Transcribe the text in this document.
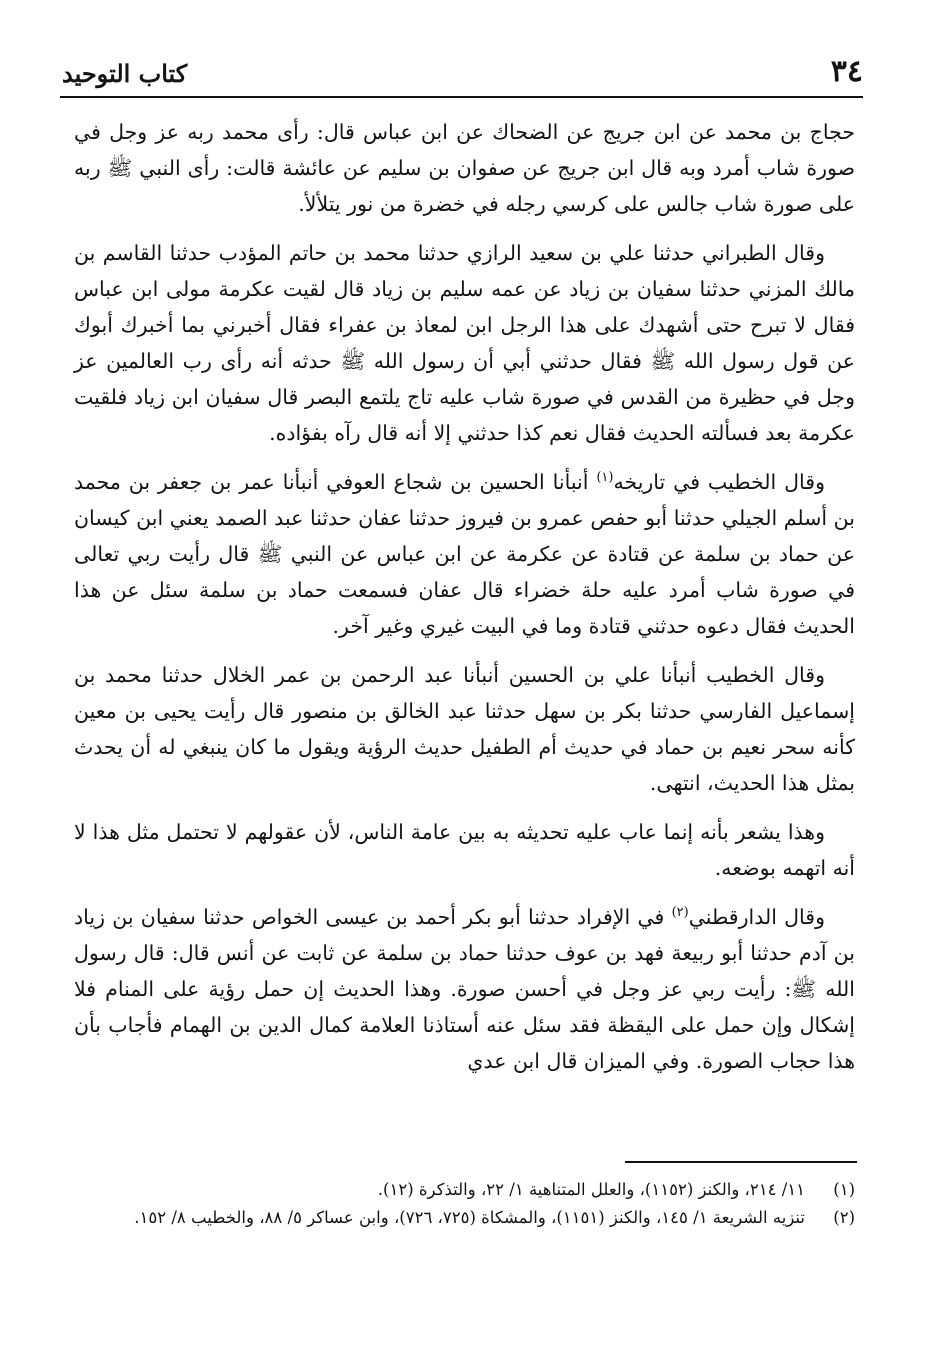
٣٤
كتاب التوحيد

حجاج بن محمد عن ابن جريج عن الضحاك عن ابن عباس قال: رأى محمد ربه عز وجل في صورة شاب أمرد وبه قال ابن جريج عن صفوان بن سليم عن عائشة قالت: رأى النبي ﷺ ربه على صورة شاب جالس على كرسي رجله في خضرة من نور يتلألأ.

وقال الطبراني حدثنا علي بن سعيد الرازي حدثنا محمد بن حاتم المؤدب حدثنا القاسم بن مالك المزني حدثنا سفيان بن زياد عن عمه سليم بن زياد قال لقيت عكرمة مولى ابن عباس فقال لا تبرح حتى أشهدك على هذا الرجل ابن لمعاذ بن عفراء فقال أخبرني بما أخبرك أبوك عن قول رسول الله ﷺ فقال حدثني أبي أن رسول الله ﷺ حدثه أنه رأى رب العالمين عز وجل في حظيرة من القدس في صورة شاب عليه تاج يلتمع البصر قال سفيان ابن زياد فلقيت عكرمة بعد فسألته الحديث فقال نعم كذا حدثني إلا أنه قال رآه بفؤاده.

وقال الخطيب في تاريخه$^{(١)}$ أنبأنا الحسين بن شجاع العوفي أنبأنا عمر بن جعفر بن محمد بن أسلم الجيلي حدثنا أبو حفص عمرو بن فيروز حدثنا عفان حدثنا عبد الصمد يعني ابن كيسان عن حماد بن سلمة عن قتادة عن عكرمة عن ابن عباس عن النبي ﷺ قال رأيت ربي تعالى في صورة شاب أمرد عليه حلة خضراء قال عفان فسمعت حماد بن سلمة سئل عن هذا الحديث فقال دعوه حدثني قتادة وما في البيت غيري وغير آخر.

وقال الخطيب أنبأنا علي بن الحسين أنبأنا عبد الرحمن بن عمر الخلال حدثنا محمد بن إسماعيل الفارسي حدثنا بكر بن سهل حدثنا عبد الخالق بن منصور قال رأيت يحيى بن معين كأنه سحر نعيم بن حماد في حديث أم الطفيل حديث الرؤية ويقول ما كان ينبغي له أن يحدث بمثل هذا الحديث، انتهى.

وهذا يشعر بأنه إنما عاب عليه تحديثه به بين عامة الناس، لأن عقولهم لا تحتمل مثل هذا لا أنه اتهمه بوضعه.

وقال الدارقطني$^{(٢)}$ في الإفراد حدثنا أبو بكر أحمد بن عيسى الخواص حدثنا سفيان بن زياد بن آدم حدثنا أبو ربيعة فهد بن عوف حدثنا حماد بن سلمة عن ثابت عن أنس قال: قال رسول الله ﷺ: رأيت ربي عز وجل في أحسن صورة. وهذا الحديث إن حمل رؤية على المنام فلا إشكال وإن حمل على اليقظة فقد سئل عنه أستاذنا العلامة كمال الدين بن الهمام فأجاب بأن هذا حجاب الصورة. وفي الميزان قال ابن عدي

(١)
١١/ ٢١٤، والكنز (١١٥٢)، والعلل المتناهية ١/ ٢٢، والتذكرة (١٢).
(٢)
تنزيه الشريعة ١/ ١٤٥، والكنز (١١٥١)، والمشكاة (٧٢٥، ٧٢٦)، وابن عساكر ٥/ ٨٨، والخطيب ٨/ ١٥٢.
